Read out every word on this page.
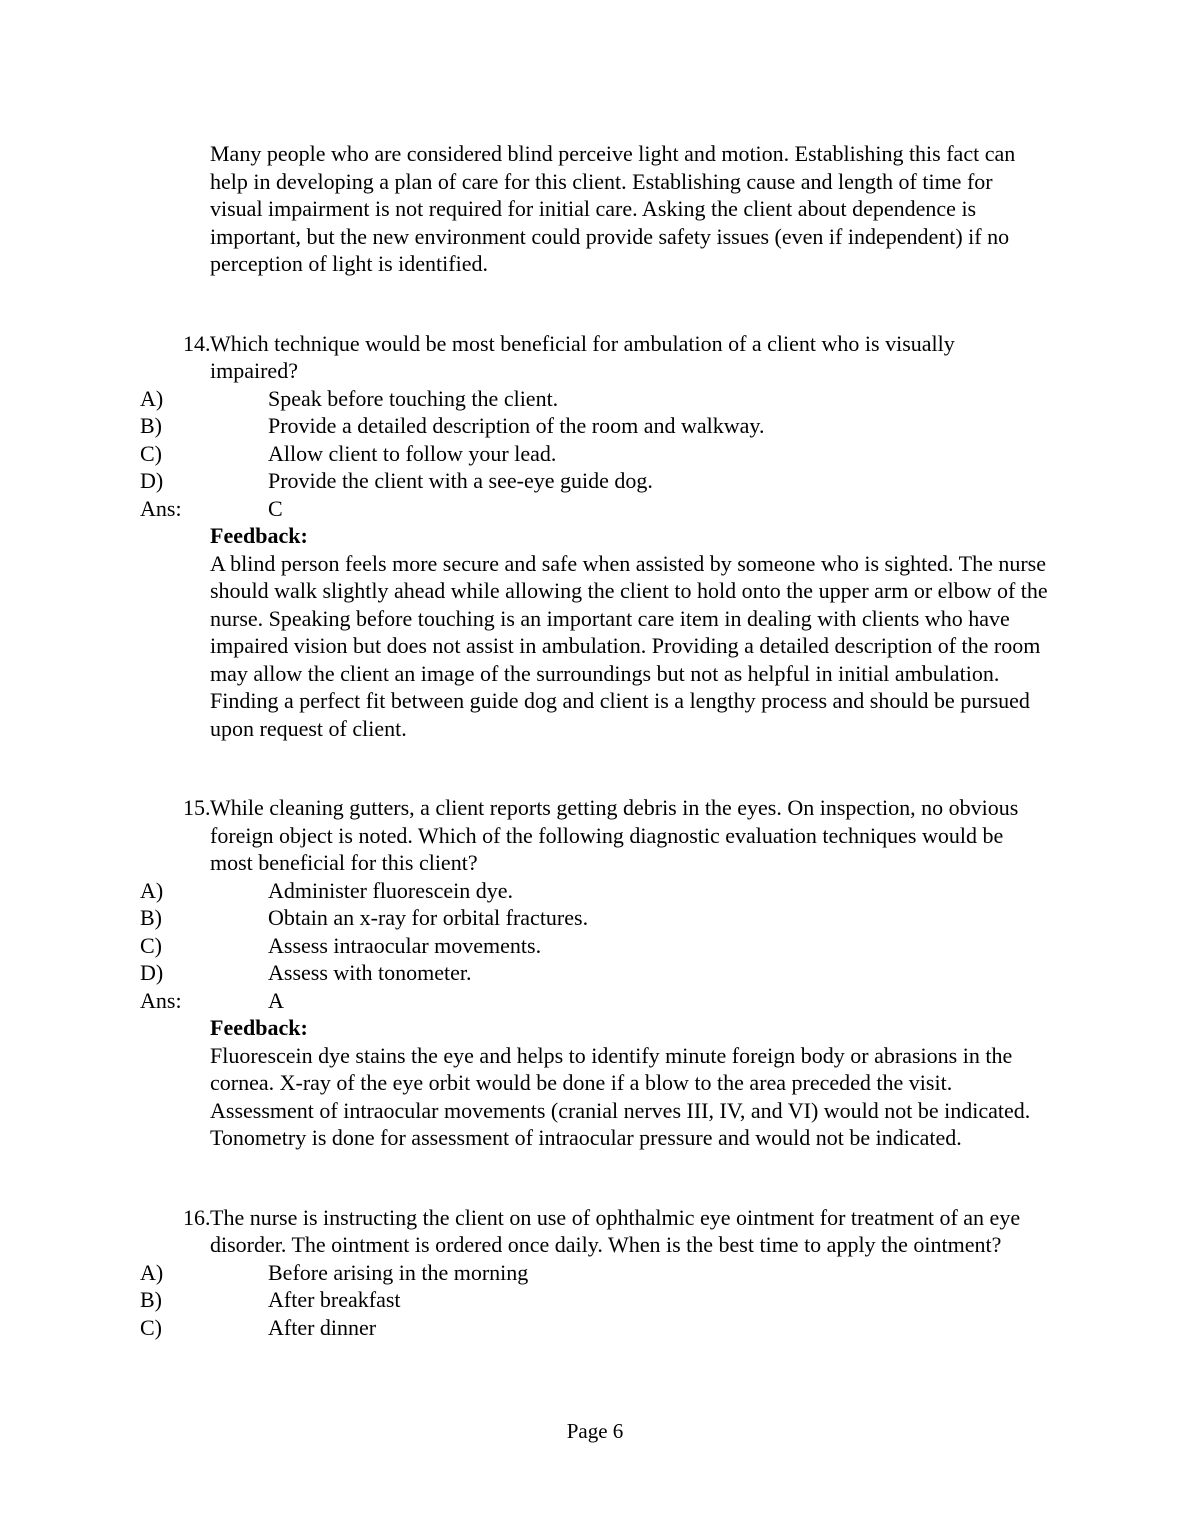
Many people who are considered blind perceive light and motion. Establishing this fact can help in developing a plan of care for this client. Establishing cause and length of time for visual impairment is not required for initial care. Asking the client about dependence is important, but the new environment could provide safety issues (even if independent) if no perception of light is identified.
14. Which technique would be most beneficial for ambulation of a client who is visually impaired?
A)	Speak before touching the client.
B)	Provide a detailed description of the room and walkway.
C)	Allow client to follow your lead.
D)	Provide the client with a see-eye guide dog.
Ans:	C
Feedback:
A blind person feels more secure and safe when assisted by someone who is sighted. The nurse should walk slightly ahead while allowing the client to hold onto the upper arm or elbow of the nurse. Speaking before touching is an important care item in dealing with clients who have impaired vision but does not assist in ambulation. Providing a detailed description of the room may allow the client an image of the surroundings but not as helpful in initial ambulation. Finding a perfect fit between guide dog and client is a lengthy process and should be pursued upon request of client.
15. While cleaning gutters, a client reports getting debris in the eyes. On inspection, no obvious foreign object is noted. Which of the following diagnostic evaluation techniques would be most beneficial for this client?
A)	Administer fluorescein dye.
B)	Obtain an x-ray for orbital fractures.
C)	Assess intraocular movements.
D)	Assess with tonometer.
Ans:	A
Feedback:
Fluorescein dye stains the eye and helps to identify minute foreign body or abrasions in the cornea. X-ray of the eye orbit would be done if a blow to the area preceded the visit. Assessment of intraocular movements (cranial nerves III, IV, and VI) would not be indicated. Tonometry is done for assessment of intraocular pressure and would not be indicated.
16. The nurse is instructing the client on use of ophthalmic eye ointment for treatment of an eye disorder. The ointment is ordered once daily. When is the best time to apply the ointment?
A)	Before arising in the morning
B)	After breakfast
C)	After dinner
Page 6
